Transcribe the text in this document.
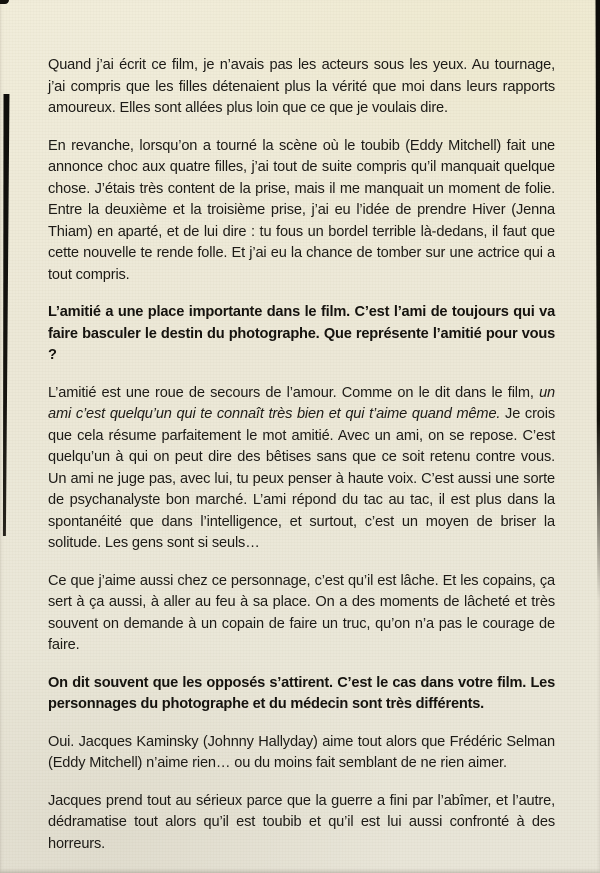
Quand j’ai écrit ce film, je n’avais pas les acteurs sous les yeux. Au tournage, j’ai compris que les filles détenaient plus la vérité que moi dans leurs rapports amoureux. Elles sont allées plus loin que ce que je voulais dire.

En revanche, lorsqu’on a tourné la scène où le toubib (Eddy Mitchell) fait une annonce choc aux quatre filles, j’ai tout de suite compris qu’il manquait quelque chose. J’étais très content de la prise, mais il me manquait un moment de folie. Entre la deuxième et la troisième prise, j’ai eu l’idée de prendre Hiver (Jenna Thiam) en aparté, et de lui dire : tu fous un bordel terrible là-dedans, il faut que cette nouvelle te rende folle. Et j’ai eu la chance de tomber sur une actrice qui a tout compris.

L’amitié a une place importante dans le film. C’est l’ami de toujours qui va faire basculer le destin du photographe. Que représente l’amitié pour vous ?

L’amitié est une roue de secours de l’amour. Comme on le dit dans le film, un ami c’est quelqu’un qui te connaît très bien et qui t’aime quand même. Je crois que cela résume parfaitement le mot amitié. Avec un ami, on se repose. C’est quelqu’un à qui on peut dire des bêtises sans que ce soit retenu contre vous. Un ami ne juge pas, avec lui, tu peux penser à haute voix. C’est aussi une sorte de psychanalyste bon marché. L’ami répond du tac au tac, il est plus dans la spontanéité que dans l’intelligence, et surtout, c’est un moyen de briser la solitude. Les gens sont si seuls…

Ce que j’aime aussi chez ce personnage, c’est qu’il est lâche. Et les copains, ça sert à ça aussi, à aller au feu à sa place. On a des moments de lâcheté et très souvent on demande à un copain de faire un truc, qu’on n’a pas le courage de faire.

On dit souvent que les opposés s’attirent. C’est le cas dans votre film. Les personnages du photographe et du médecin sont très différents.

Oui. Jacques Kaminsky (Johnny Hallyday) aime tout alors que Frédéric Selman (Eddy Mitchell) n’aime rien… ou du moins fait semblant de ne rien aimer.

Jacques prend tout au sérieux parce que la guerre a fini par l’abîmer, et l’autre, dédramatise tout alors qu’il est toubib et qu’il est lui aussi confronté à des horreurs.
